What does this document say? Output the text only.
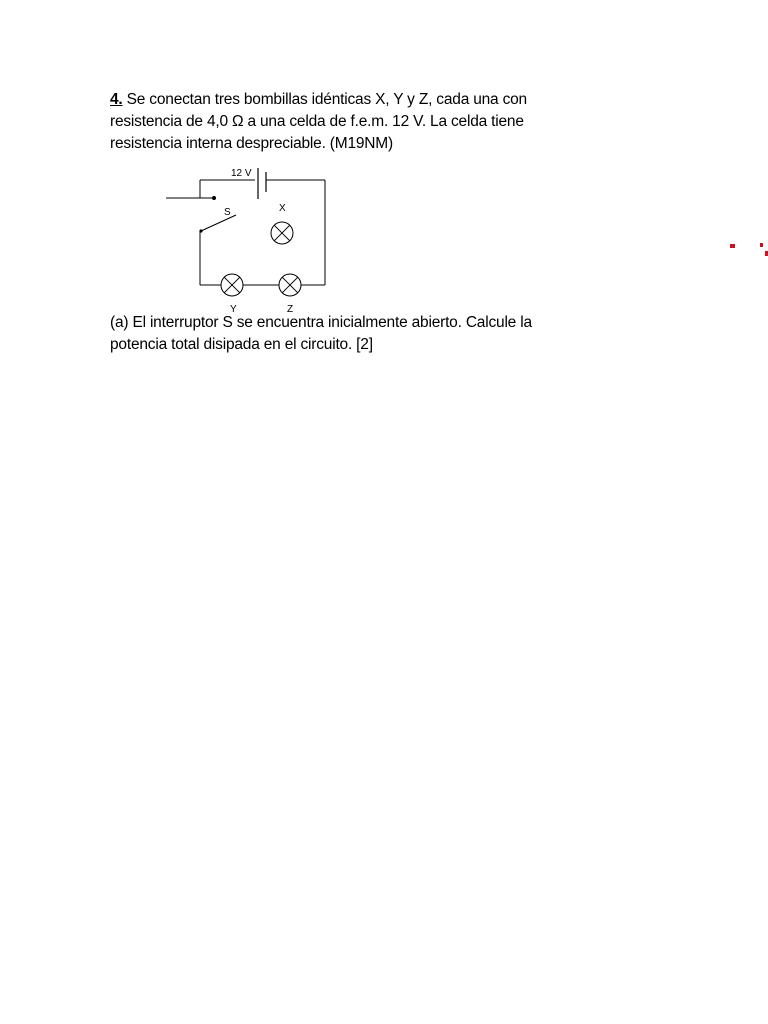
4. Se conectan tres bombillas idénticas X, Y y Z, cada una con
resistencia de 4,0 Ω a una celda de f.e.m. 12 V. La celda tiene
resistencia interna despreciable. (M19NM)
12 V
S	X
Y	Z
(a) El interruptor S se encuentra inicialmente abierto. Calcule la
potencia total disipada en el circuito. [2]
